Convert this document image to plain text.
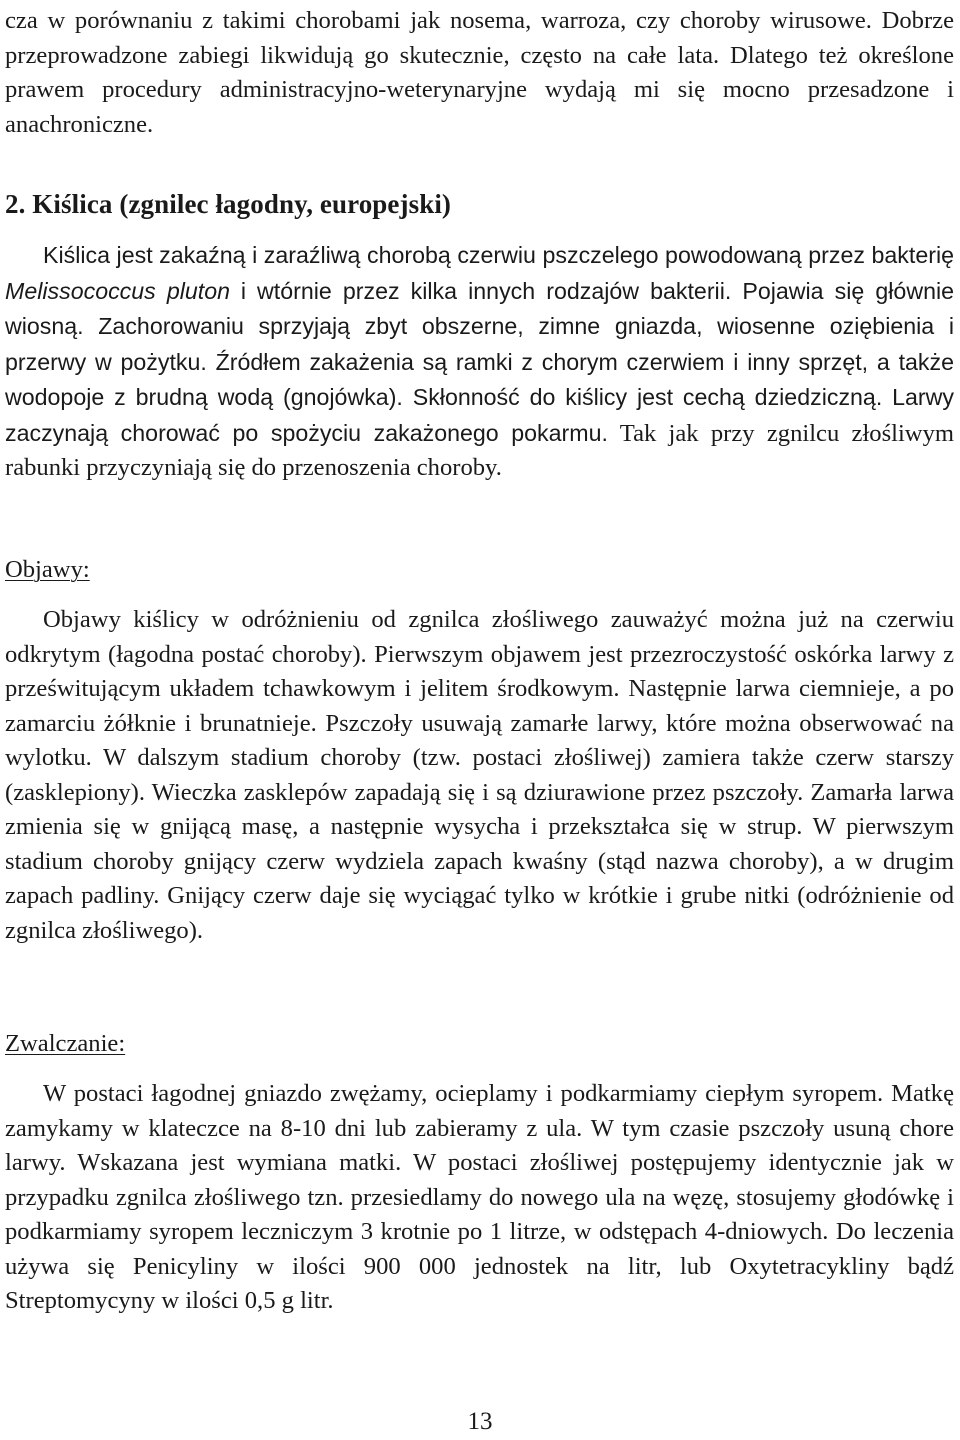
cza w porównaniu z takimi chorobami jak nosema, warroza, czy choroby wirusowe. Dobrze przeprowadzone zabiegi likwidują go skutecznie, często na całe lata. Dlatego też określone prawem procedury administracyjno-weterynaryjne wydają mi się mocno przesadzone i anachroniczne.

2. Kiślica (zgnilec łagodny, europejski)

Kiślica jest zakaźną i zaraźliwą chorobą czerwiu pszczelego powodowaną przez bakterię Melissococcus pluton i wtórnie przez kilka innych rodzajów bakterii. Pojawia się głównie wiosną. Zachorowaniu sprzyjają zbyt obszerne, zimne gniazda, wiosenne oziębienia i przerwy w pożytku. Źródłem zakażenia są ramki z chorym czerwiem i inny sprzęt, a także wodopoje z brudną wodą (gnojówka). Skłonność do kiślicy jest cechą dziedziczną. Larwy zaczynają chorować po spożyciu zakażonego pokarmu. Tak jak przy zgnilcu złośliwym rabunki przyczyniają się do przenoszenia choroby.

Objawy:

Objawy kiślicy w odróżnieniu od zgnilca złośliwego zauważyć można już na czerwiu odkrytym (łagodna postać choroby). Pierwszym objawem jest przezroczystość oskórka larwy z prześwitującym układem tchawkowym i jelitem środkowym. Następnie larwa ciemnieje, a po zamarciu żółknie i brunatnieje. Pszczoły usuwają zamarłe larwy, które można obserwować na wylotku. W dalszym stadium choroby (tzw. postaci złośliwej) zamiera także czerw starszy (zasklepiony). Wieczka zasklepów zapadają się i są dziurawione przez pszczoły. Zamarła larwa zmienia się w gnijącą masę, a następnie wysycha i przekształca się w strup. W pierwszym stadium choroby gnijący czerw wydziela zapach kwaśny (stąd nazwa choroby), a w drugim zapach padliny. Gnijący czerw daje się wyciągać tylko w krótkie i grube nitki (odróżnienie od zgnilca złośliwego).

Zwalczanie:

W postaci łagodnej gniazdo zwężamy, ocieplamy i podkarmiamy ciepłym syropem. Matkę zamykamy w klateczce na 8-10 dni lub zabieramy z ula. W tym czasie pszczoły usuną chore larwy. Wskazana jest wymiana matki. W postaci złośliwej postępujemy identycznie jak w przypadku zgnilca złośliwego tzn. przesiedlamy do nowego ula na węzę, stosujemy głodówkę i podkarmiamy syropem leczniczym 3 krotnie po 1 litrze, w odstępach 4-dniowych. Do leczenia używa się Penicyliny w ilości 900 000 jednostek na litr, lub Oxytetracykliny bądź Streptomycyny w ilości 0,5 g litr.

13
